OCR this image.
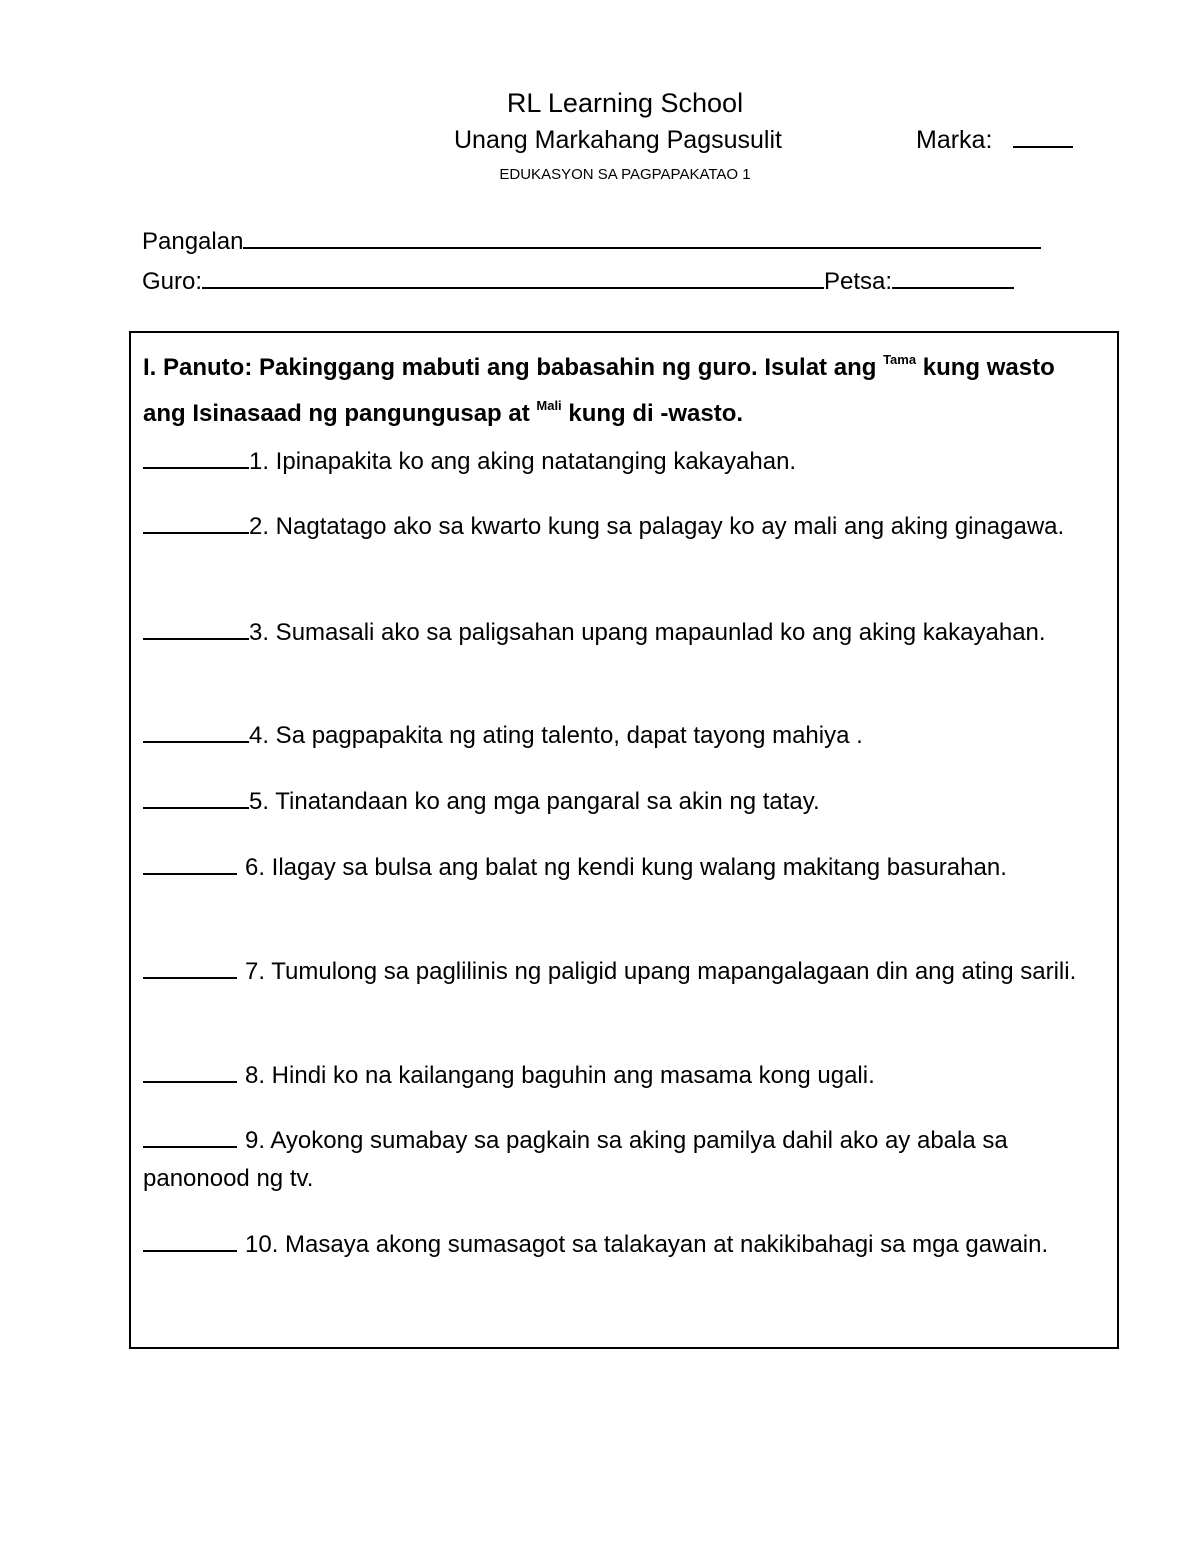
RL Learning School
Unang Markahang Pagsusulit	Marka:
EDUKASYON SA PAGPAPAKATAO 1
Pangalan
Guro:	Petsa:
I. Panuto: Pakinggang mabuti ang babasahin ng guro. Isulat ang $^{Tama}$ kung wasto ang Isinasaad ng pangungusap at $^{Mali}$ kung di -wasto.
1. Ipinapakita ko ang aking natatanging kakayahan.
2. Nagtatago ako sa kwarto kung sa palagay ko ay mali ang aking ginagawa.
3. Sumasali ako sa paligsahan upang mapaunlad ko ang aking kakayahan.
4. Sa pagpapakita ng ating talento, dapat tayong mahiya .
5. Tinatandaan ko ang mga pangaral sa akin ng tatay.
6. Ilagay sa bulsa ang balat ng kendi kung walang makitang basurahan.
7. Tumulong sa paglilinis ng paligid upang mapangalagaan din ang ating sarili.
8. Hindi ko na kailangang baguhin ang masama kong ugali.
9. Ayokong sumabay sa pagkain sa aking pamilya dahil ako ay abala sa panonood ng tv.
10. Masaya akong sumasagot sa talakayan at nakikibahagi sa mga gawain.
